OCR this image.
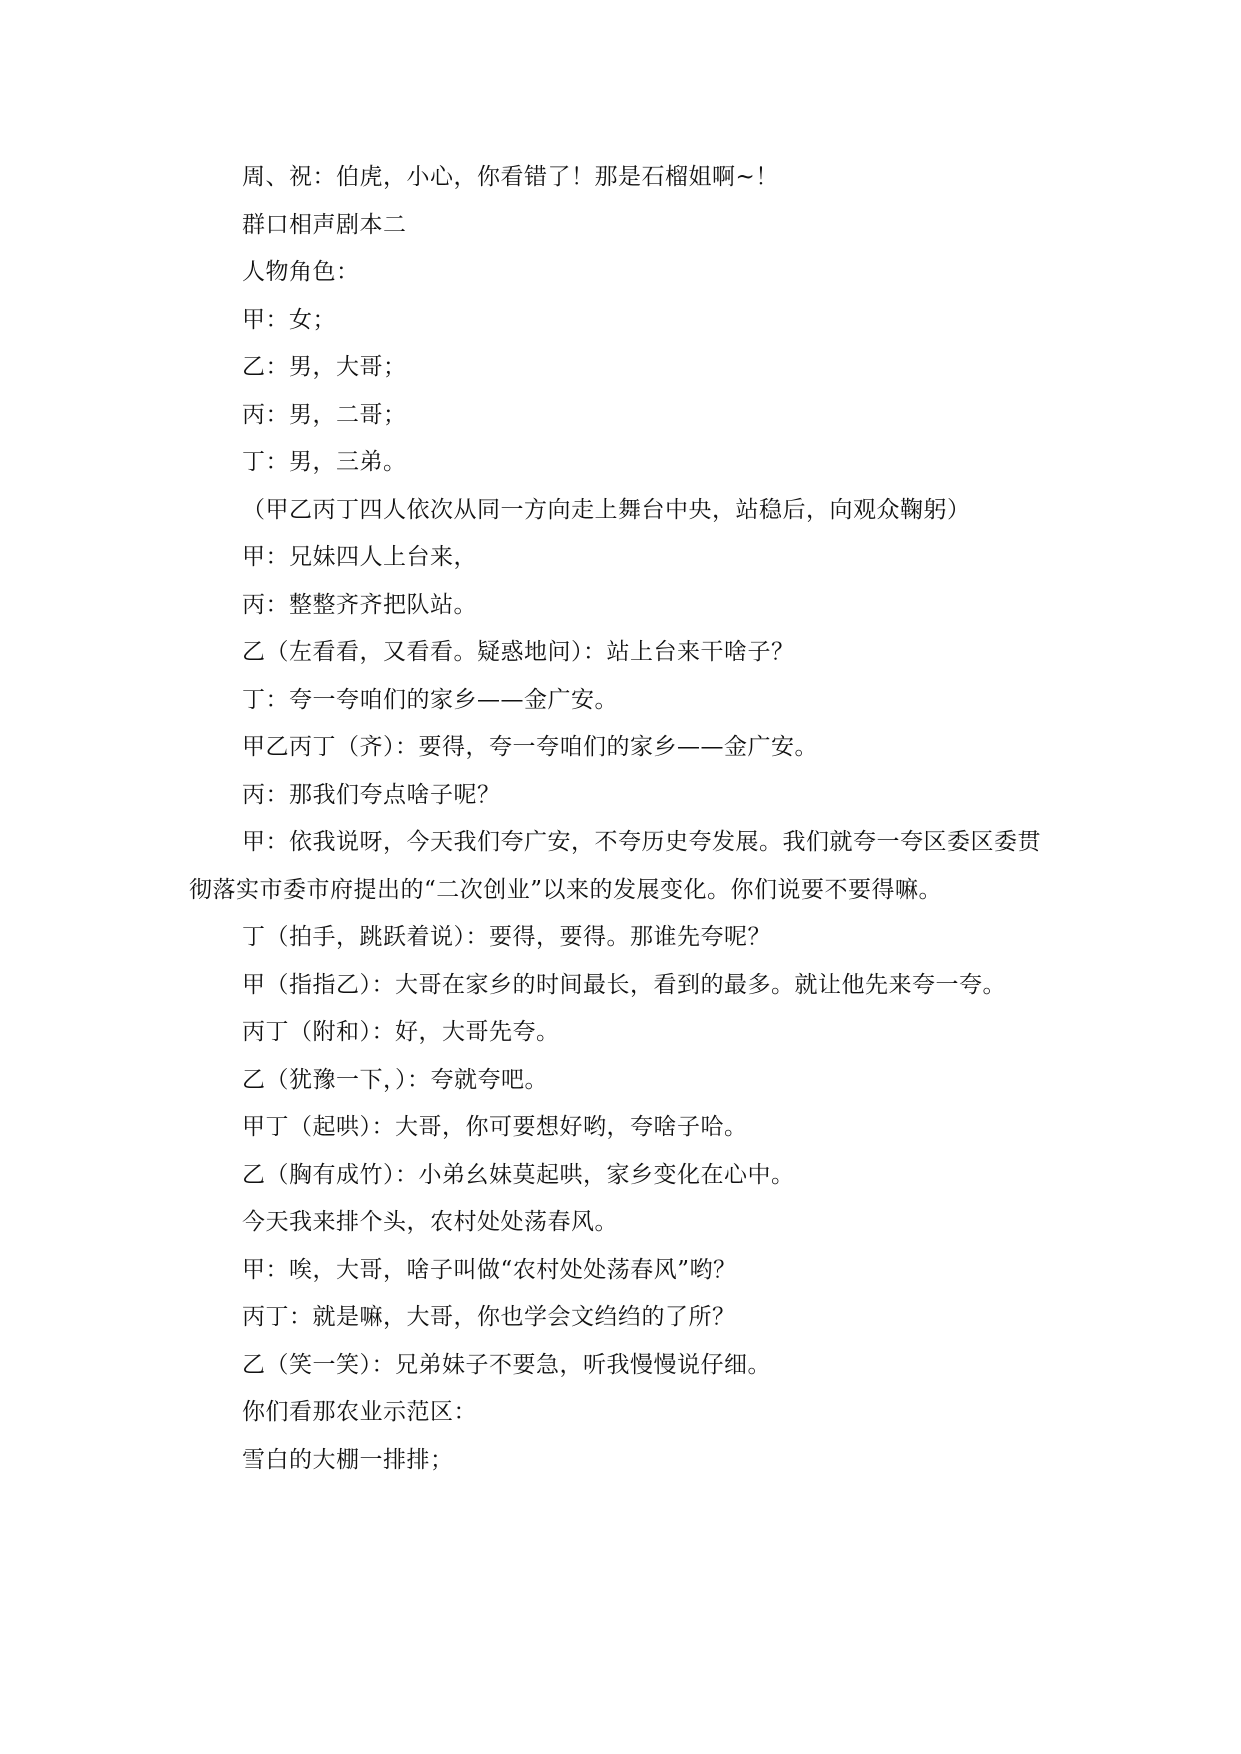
周、祝：伯虎，小心，你看错了！那是石榴姐啊~！
群口相声剧本二
人物角色：
甲：女；
乙：男，大哥；
丙：男，二哥；
丁：男，三弟。
（甲乙丙丁四人依次从同一方向走上舞台中央，站稳后，向观众鞠躬）
甲：兄妹四人上台来，
丙：整整齐齐把队站。
乙（左看看，又看看。疑惑地问）：站上台来干啥子？
丁：夸一夸咱们的家乡——金广安。
甲乙丙丁（齐）：要得，夸一夸咱们的家乡——金广安。
丙：那我们夸点啥子呢？

甲：依我说呀，今天我们夸广安，不夸历史夸发展。我们就夸一夸区委区委贯彻落实市委市府提出的“二次创业”以来的发展变化。你们说要不要得嘛。

丁（拍手，跳跃着说）：要得，要得。那谁先夸呢？
甲（指指乙）：大哥在家乡的时间最长，看到的最多。就让他先来夸一夸。
丙丁（附和）：好，大哥先夸。
乙（犹豫一下，）：夸就夸吧。
甲丁（起哄）：大哥，你可要想好哟，夸啥子哈。
乙（胸有成竹）：小弟幺妹莫起哄，家乡变化在心中。
今天我来排个头，农村处处荡春风。
甲：唉，大哥，啥子叫做“农村处处荡春风”哟？
丙丁：就是嘛，大哥，你也学会文绉绉的了所？
乙（笑一笑）：兄弟妹子不要急，听我慢慢说仔细。
你们看那农业示范区：
雪白的大棚一排排；
